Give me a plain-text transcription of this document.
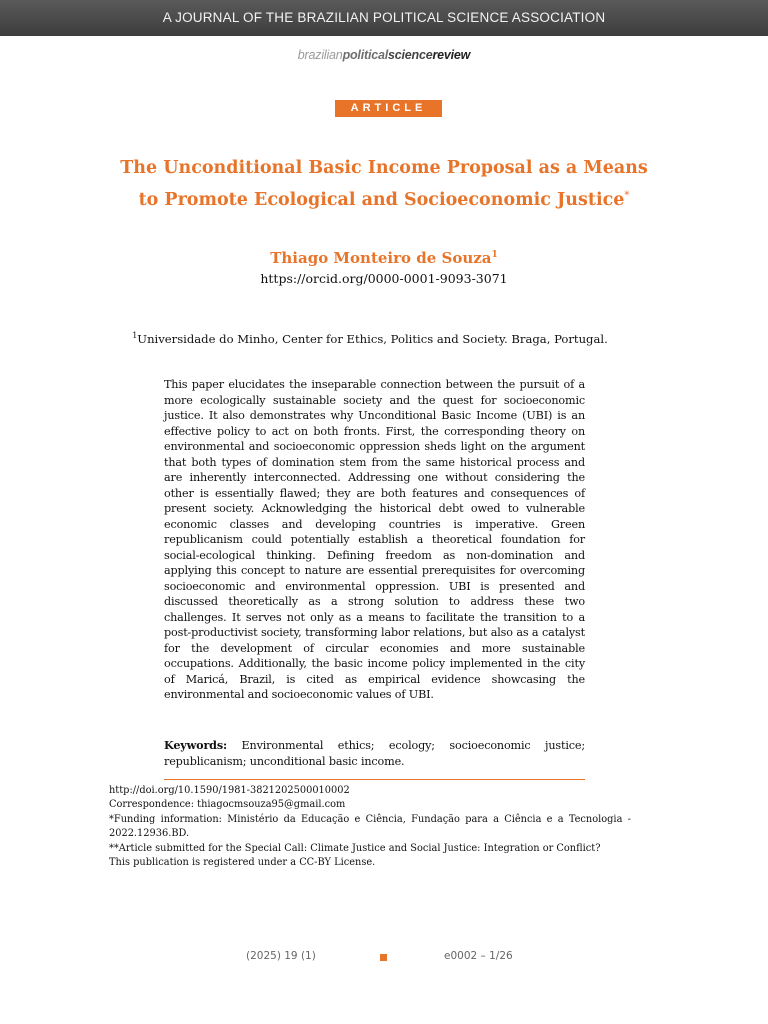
A JOURNAL OF THE BRAZILIAN POLITICAL SCIENCE ASSOCIATION
brazilianpoliticalsciencereview
ARTICLE
The Unconditional Basic Income Proposal as a Means
to Promote Ecological and Socioeconomic Justice*
Thiago Monteiro de Souza$^1$
https://orcid.org/0000-0001-9093-3071
$^1$Universidade do Minho, Center for Ethics, Politics and Society. Braga, Portugal.
This paper elucidates the inseparable connection between the pursuit of a more ecologically sustainable society and the quest for socioeconomic justice. It also demonstrates why Unconditional Basic Income (UBI) is an effective policy to act on both fronts. First, the corresponding theory on environmental and socioeconomic oppression sheds light on the argument that both types of domination stem from the same historical process and are inherently interconnected. Addressing one without considering the other is essentially flawed; they are both features and consequences of present society. Acknowledging the historical debt owed to vulnerable economic classes and developing countries is imperative. Green republicanism could potentially establish a theoretical foundation for social-ecological thinking. Defining freedom as non-domination and applying this concept to nature are essential prerequisites for overcoming socioeconomic and environmental oppression. UBI is presented and discussed theoretically as a strong solution to address these two challenges. It serves not only as a means to facilitate the transition to a post-productivist society, transforming labor relations, but also as a catalyst for the development of circular economies and more sustainable occupations. Additionally, the basic income policy implemented in the city of Maricá, Brazil, is cited as empirical evidence showcasing the environmental and socioeconomic values of UBI.
Keywords: Environmental ethics; ecology; socioeconomic justice; republicanism; unconditional basic income.
http://doi.org/10.1590/1981-3821202500010002
Correspondence: thiagocmsouza95@gmail.com
*Funding information: Ministério da Educação e Ciência, Fundação para a Ciência e a Tecnologia - 2022.12936.BD.
**Article submitted for the Special Call: Climate Justice and Social Justice: Integration or Conflict?
This publication is registered under a CC-BY License.
(2025) 19 (1)	e0002 – 1/26
